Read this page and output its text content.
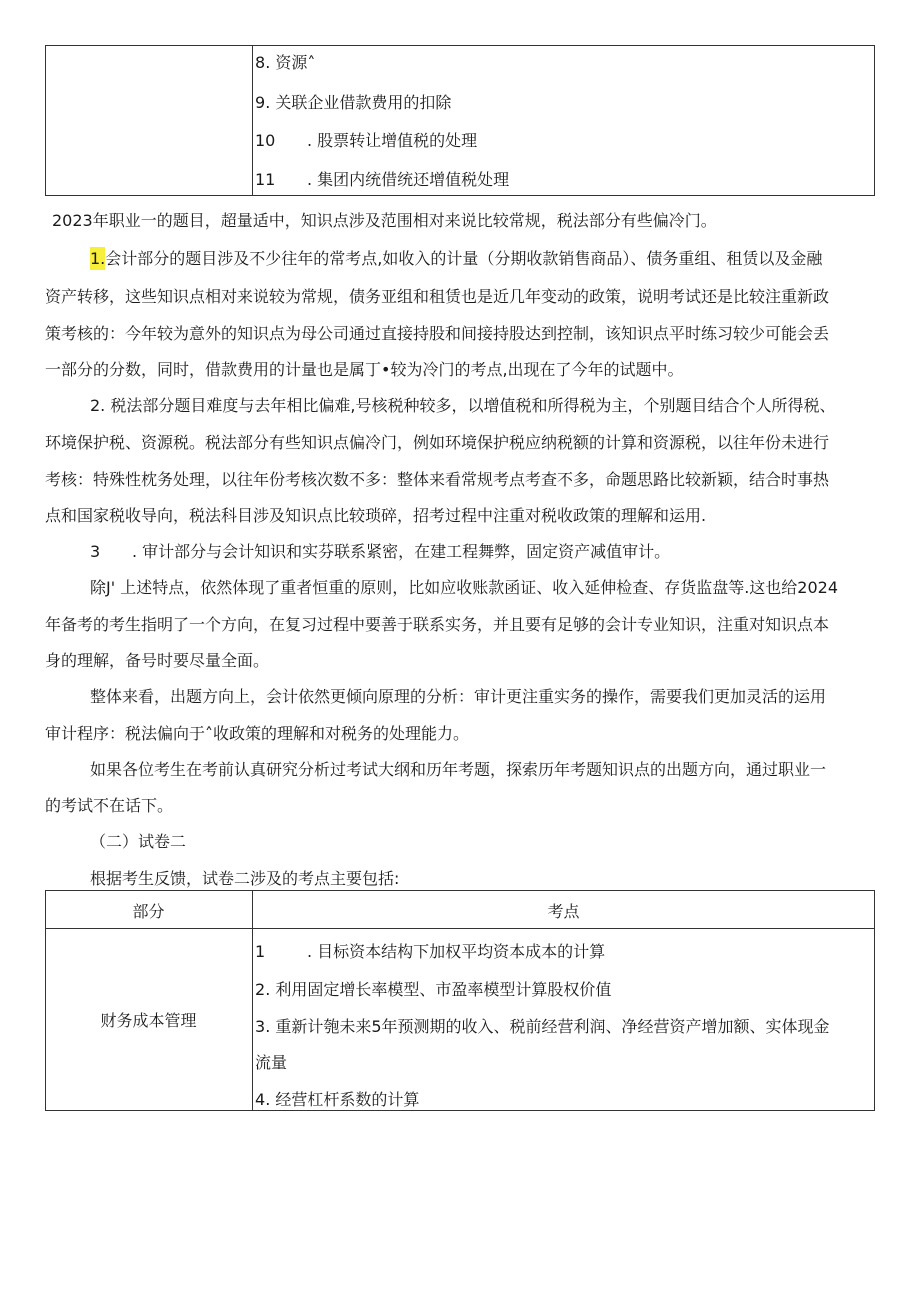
8. 资源˄
9. 关联企业借款费用的扣除
10 . 股票转让增值税的处理
11 . 集团内统借统还增值税处理
2023年职业一的题目，超量适中，知识点涉及范围相对来说比较常规，税法部分有些偏冷门。
1.会计部分的题目涉及不少往年的常考点,如收入的计量（分期收款销售商品）、债务重组、租赁以及金融
资产转移，这些知识点相对来说较为常规，债务亚组和租赁也是近几年变动的政策，说明考试还是比较注重新政
策考核的：今年较为意外的知识点为母公司通过直接持股和间接持股达到控制，该知识点平时练习较少可能会丢
一部分的分数，同时，借款费用的计量也是属丁•较为冷门的考点,出现在了今年的试题中。
2. 税法部分题目难度与去年相比偏难,号核税种较多，以增值税和所得税为主，个别题目结合个人所得税、
环境保护税、资源税。税法部分有些知识点偏冷门，例如环境保护税应纳税额的计算和资源税，以往年份未进行
考核：特殊性枕务处理，以往年份考核次数不多：整体来看常规考点考查不多，命题思路比较新颖，结合时事热
点和国家税收导向，税法科目涉及知识点比较琐碎，招考过程中注重对税收政策的理解和运用.
3 . 审计部分与会计知识和实芬联系紧密，在建工程舞弊，固定资产减值审计。
除J' 上述特点，依然体现了重者恒重的原则，比如应收账款函证、收入延伸检查、存货监盘等.这也给2024
年备考的考生指明了一个方向，在复习过程中要善于联系实务，并且要有足够的会计专业知识，注重对知识点本
身的理解，备号时要尽量全面。
整体来看，出题方向上，会计依然更倾向原理的分析：审计更注重实务的操作，需要我们更加灵活的运用
审计程序：税法偏向于˄收政策的理解和对税务的处理能力。
如果各位考生在考前认真研究分析过考试大纲和历年考题，探索历年考题知识点的出题方向，通过职业一
的考试不在话下。
（二）试卷二
根据考生反馈，试卷二涉及的考点主要包括:
部分	考点
财务成本管理
1	. 目标资本结构下加权平均资本成本的计算
2. 利用固定增长率模型、市盈率模型计算股权价值
3. 重新计匏未来5年预测期的收入、税前经营利润、净经营资产增加额、实体现金
流量
4. 经营杠杆系数的计算
